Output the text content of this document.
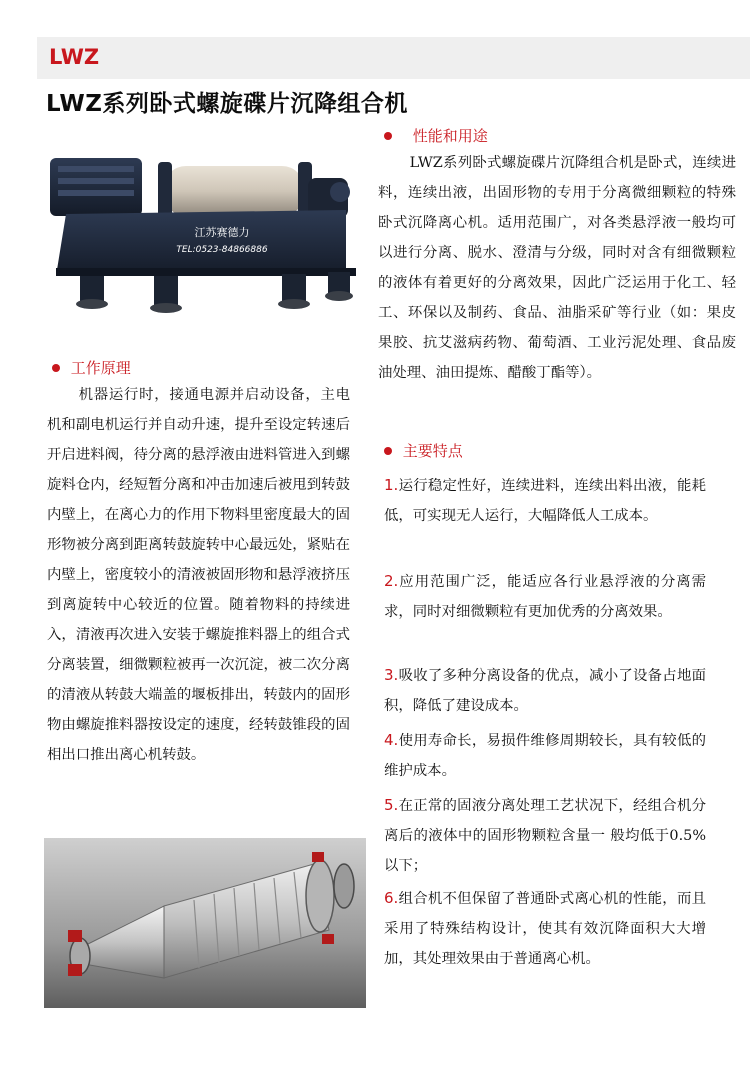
LWZ
LWZ系列卧式螺旋碟片沉降组合机
江苏赛德力
TEL:0523-84866886
性能和用途

LWZ系列卧式螺旋碟片沉降组合机是卧式，连续进料，连续出液，出固形物的专用于分离微细颗粒的特殊卧式沉降离心机。适用范围广，对各类悬浮液一般均可以进行分离、脱水、澄清与分级，同时对含有细微颗粒的液体有着更好的分离效果，因此广泛运用于化工、轻工、环保以及制药、食品、油脂采矿等行业（如：果皮果胶、抗艾滋病药物、葡萄酒、工业污泥处理、食品废油处理、油田提炼、醋酸丁酯等）。

工作原理

机器运行时，接通电源并启动设备，主电机和副电机运行并自动升速，提升至设定转速后开启进料阀，待分离的悬浮液由进料管进入到螺旋料仓内，经短暂分离和冲击加速后被甩到转鼓内壁上，在离心力的作用下物料里密度最大的固形物被分离到距离转鼓旋转中心最远处，紧贴在内壁上，密度较小的清液被固形物和悬浮液挤压到离旋转中心较近的位置。随着物料的持续进入，清液再次进入安装于螺旋推料器上的组合式分离装置，细微颗粒被再一次沉淀，被二次分离的清液从转鼓大端盖的堰板排出，转鼓内的固形物由螺旋推料器按设定的速度，经转鼓锥段的固相出口推出离心机转鼓。

主要特点

1.运行稳定性好，连续进料，连续出料出液，能耗低，可实现无人运行，大幅降低人工成本。

2.应用范围广泛，能适应各行业悬浮液的分离需求，同时对细微颗粒有更加优秀的分离效果。

3.吸收了多种分离设备的优点，减小了设备占地面积，降低了建设成本。

4.使用寿命长，易损件维修周期较长，具有较低的维护成本。

5.在正常的固液分离处理工艺状况下，经组合机分离后的液体中的固形物颗粒含量一 般均低于0.5%以下；

6.组合机不但保留了普通卧式离心机的性能，而且采用了特殊结构设计，使其有效沉降面积大大增加，其处理效果由于普通离心机。
